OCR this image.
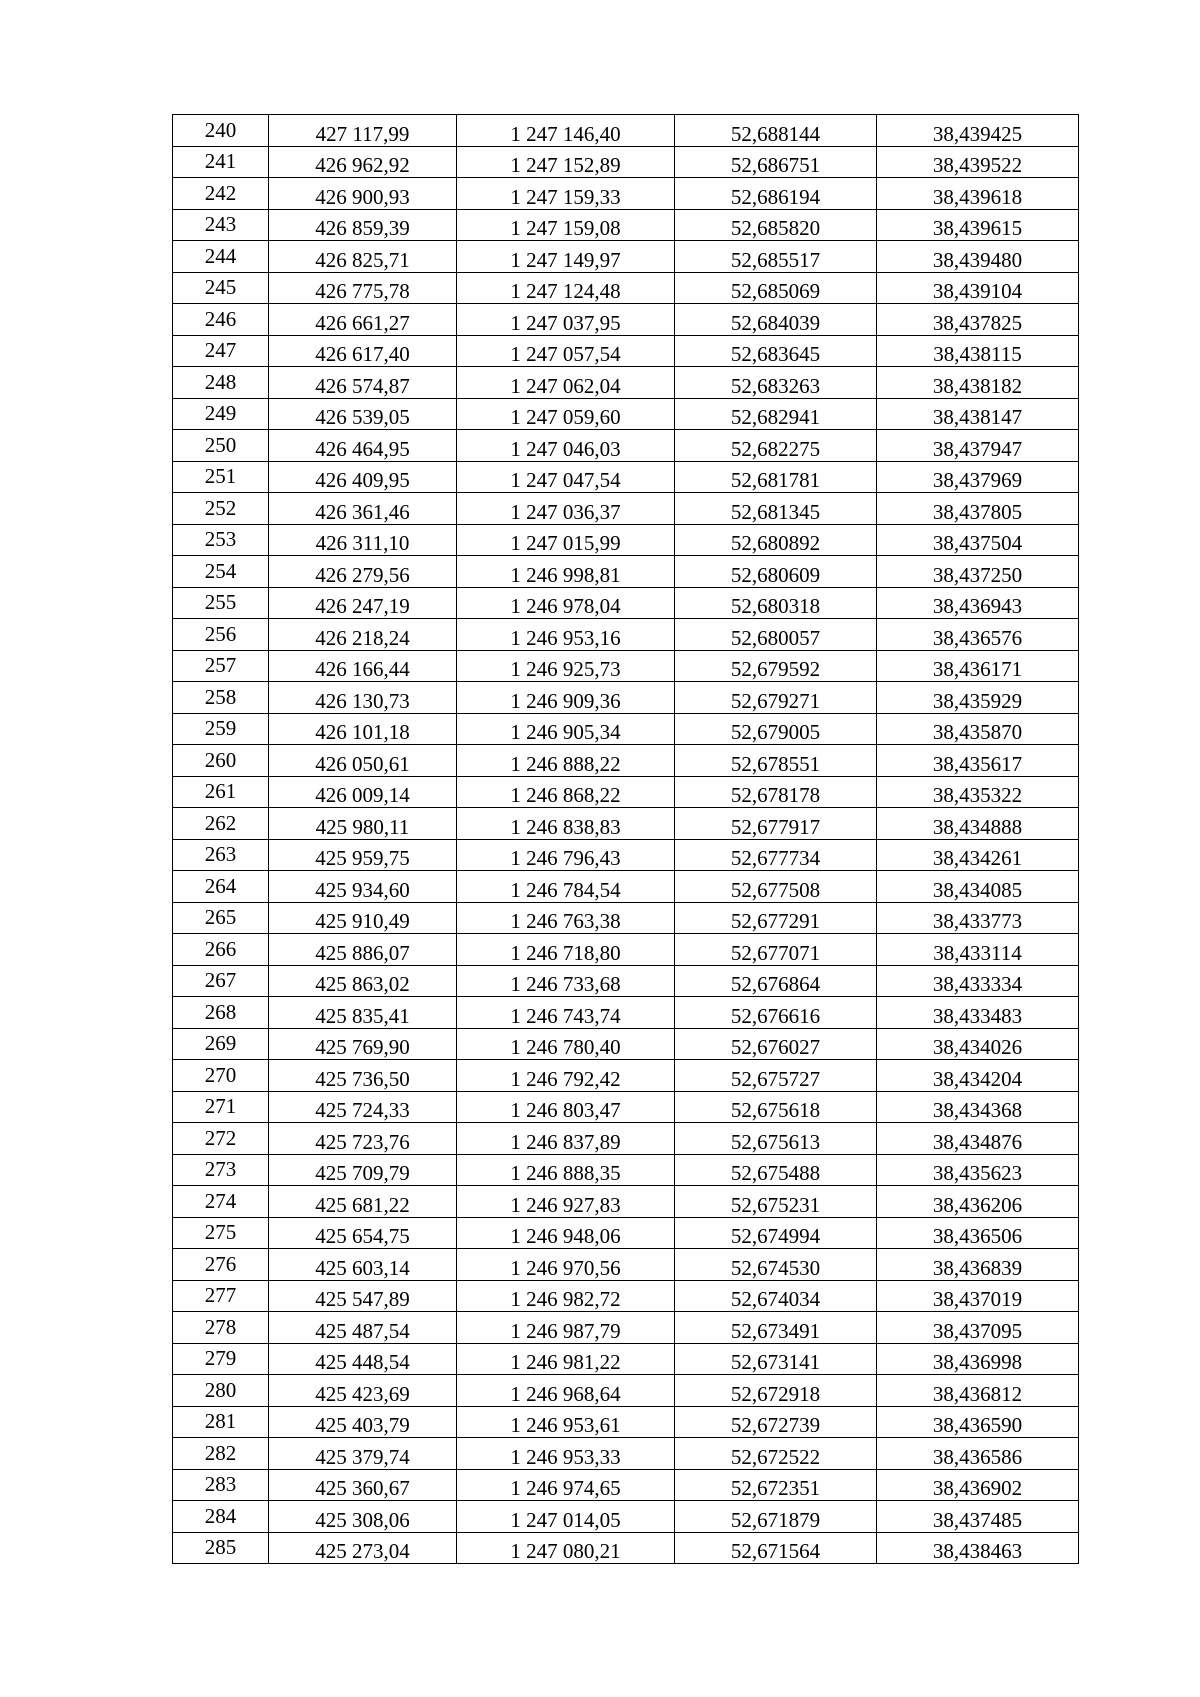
240	427 117,99	1 247 146,40	52,688144	38,439425

241	426 962,92	1 247 152,89	52,686751	38,439522

242	426 900,93	1 247 159,33	52,686194	38,439618

243	426 859,39	1 247 159,08	52,685820	38,439615

244	426 825,71	1 247 149,97	52,685517	38,439480

245	426 775,78	1 247 124,48	52,685069	38,439104

246	426 661,27	1 247 037,95	52,684039	38,437825

247	426 617,40	1 247 057,54	52,683645	38,438115

248	426 574,87	1 247 062,04	52,683263	38,438182

249	426 539,05	1 247 059,60	52,682941	38,438147

250	426 464,95	1 247 046,03	52,682275	38,437947

251	426 409,95	1 247 047,54	52,681781	38,437969

252	426 361,46	1 247 036,37	52,681345	38,437805

253	426 311,10	1 247 015,99	52,680892	38,437504

254	426 279,56	1 246 998,81	52,680609	38,437250

255	426 247,19	1 246 978,04	52,680318	38,436943

256	426 218,24	1 246 953,16	52,680057	38,436576

257	426 166,44	1 246 925,73	52,679592	38,436171

258	426 130,73	1 246 909,36	52,679271	38,435929

259	426 101,18	1 246 905,34	52,679005	38,435870

260	426 050,61	1 246 888,22	52,678551	38,435617

261	426 009,14	1 246 868,22	52,678178	38,435322

262	425 980,11	1 246 838,83	52,677917	38,434888

263	425 959,75	1 246 796,43	52,677734	38,434261

264	425 934,60	1 246 784,54	52,677508	38,434085

265	425 910,49	1 246 763,38	52,677291	38,433773

266	425 886,07	1 246 718,80	52,677071	38,433114

267	425 863,02	1 246 733,68	52,676864	38,433334

268	425 835,41	1 246 743,74	52,676616	38,433483

269	425 769,90	1 246 780,40	52,676027	38,434026

270	425 736,50	1 246 792,42	52,675727	38,434204

271	425 724,33	1 246 803,47	52,675618	38,434368

272	425 723,76	1 246 837,89	52,675613	38,434876

273	425 709,79	1 246 888,35	52,675488	38,435623

274	425 681,22	1 246 927,83	52,675231	38,436206

275	425 654,75	1 246 948,06	52,674994	38,436506

276	425 603,14	1 246 970,56	52,674530	38,436839

277	425 547,89	1 246 982,72	52,674034	38,437019

278	425 487,54	1 246 987,79	52,673491	38,437095

279	425 448,54	1 246 981,22	52,673141	38,436998

280	425 423,69	1 246 968,64	52,672918	38,436812

281	425 403,79	1 246 953,61	52,672739	38,436590

282	425 379,74	1 246 953,33	52,672522	38,436586

283	425 360,67	1 246 974,65	52,672351	38,436902

284	425 308,06	1 247 014,05	52,671879	38,437485

285	425 273,04	1 247 080,21	52,671564	38,438463
